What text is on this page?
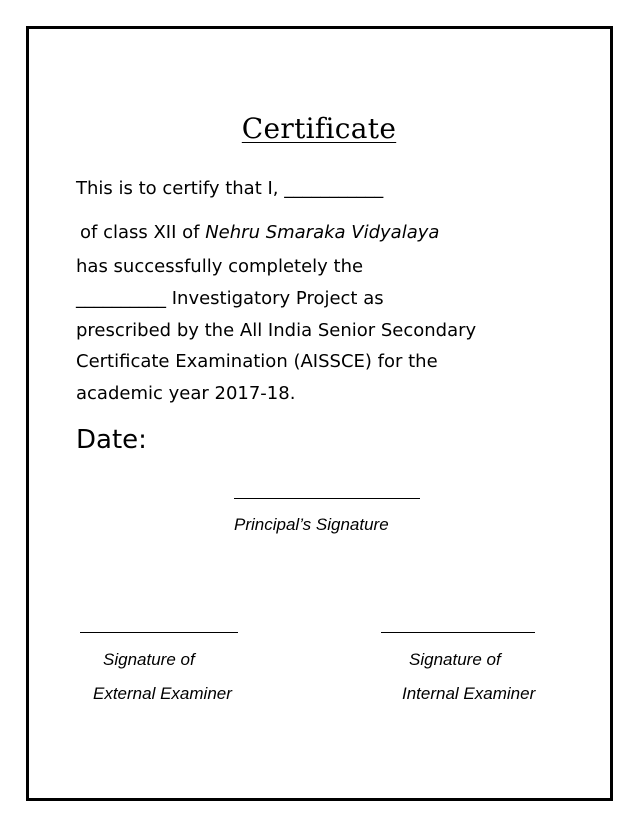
Certificate
This is to certify that I, ___________
of class XII of Nehru Smaraka Vidyalaya
has successfully completely the
__________ Investigatory Project as
prescribed by the All India Senior Secondary
Certificate Examination (AISSCE) for the
academic year 2017-18.
Date:
Principal’s Signature
Signature of
External Examiner
Signature of
Internal Examiner
